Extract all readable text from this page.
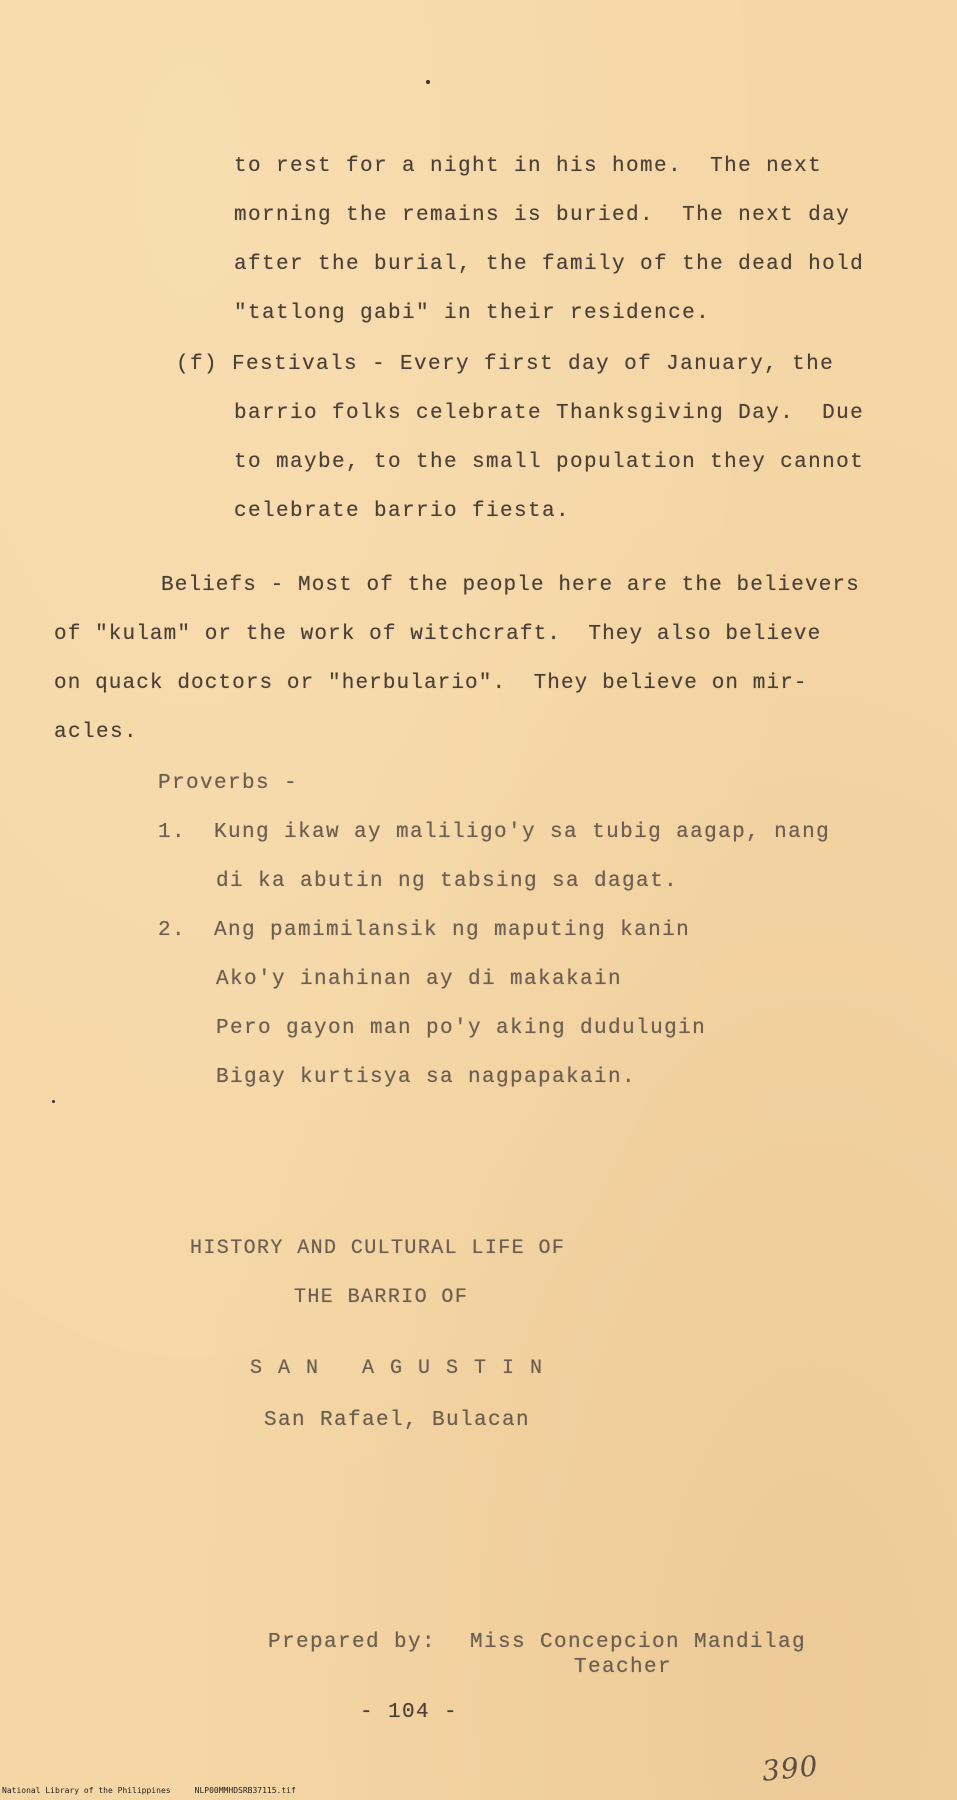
to rest for a night in his home.  The next
morning the remains is buried.  The next day
after the burial, the family of the dead hold
"tatlong gabi" in their residence.
(f) Festivals - Every first day of January, the
barrio folks celebrate Thanksgiving Day.  Due
to maybe, to the small population they cannot
celebrate barrio fiesta.
Beliefs - Most of the people here are the believers
of "kulam" or the work of witchcraft.  They also believe
on quack doctors or "herbulario".  They believe on mir-
acles.
Proverbs -
1.  Kung ikaw ay maliligo'y sa tubig aagap, nang
di ka abutin ng tabsing sa dagat.
2.  Ang pamimilansik ng maputing kanin
Ako'y inahinan ay di makakain
Pero gayon man po'y aking dudulugin
Bigay kurtisya sa nagpapakain.
HISTORY AND CULTURAL LIFE OF
THE BARRIO OF
SAN AGUSTIN
San Rafael, Bulacan
Prepared by: Miss Concepcion Mandilag
Teacher
- 104 -
390
National Library of the Philippines     NLP00MMHDSRB37115.tif
